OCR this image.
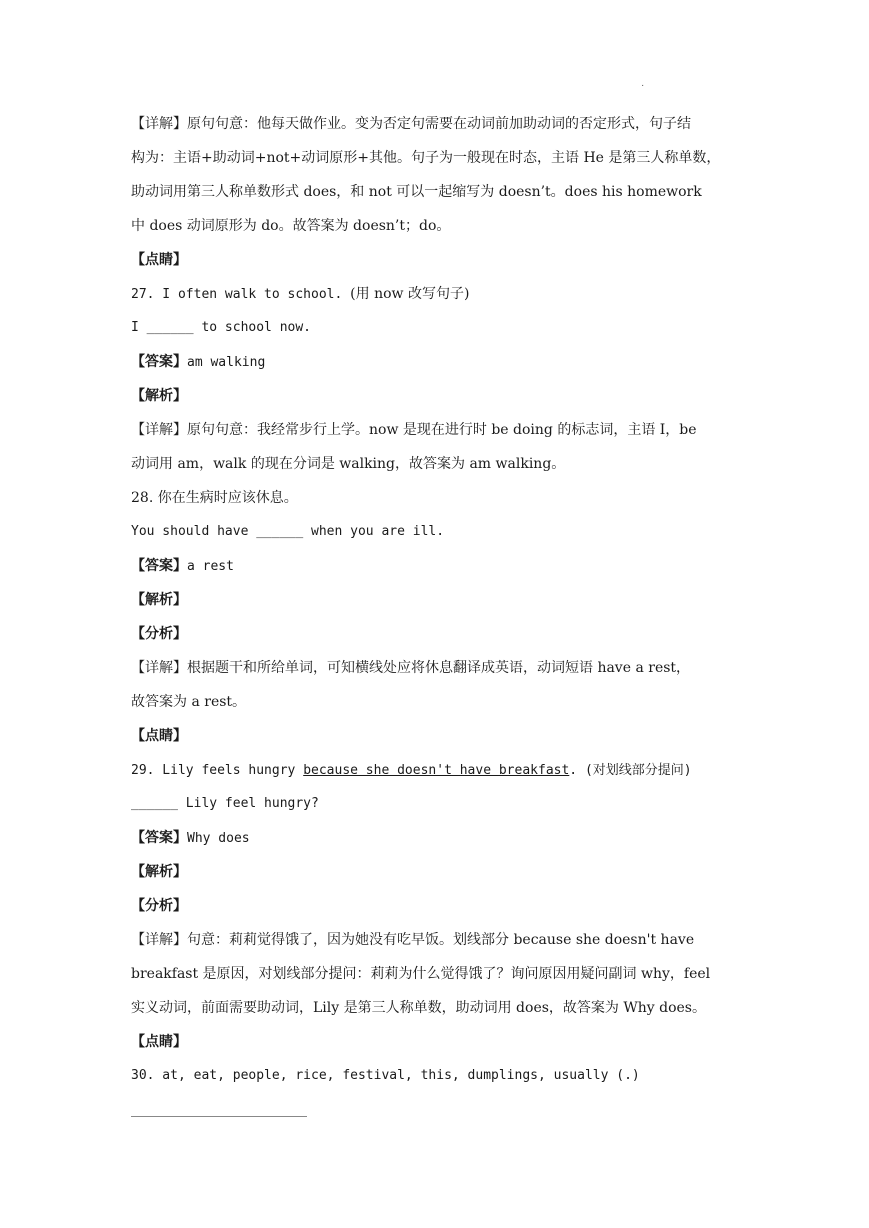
·
【详解】原句句意：他每天做作业。变为否定句需要在动词前加助动词的否定形式，句子结
构为：主语+助动词+not+动词原形+其他。句子为一般现在时态，主语 He 是第三人称单数，
助动词用第三人称单数形式 does，和 not 可以一起缩写为 doesn’t。does his homework
中 does 动词原形为 do。故答案为 doesn’t；do。
【点睛】
27. I often walk to school. (用 now 改写句子)
I ______ to school now.
【答案】am walking
【解析】
【详解】原句句意：我经常步行上学。now 是现在进行时 be doing 的标志词，主语 I，be
动词用 am，walk 的现在分词是 walking，故答案为 am walking。
28. 你在生病时应该休息。
You should have ______ when you are ill.
【答案】a rest
【解析】
【分析】
【详解】根据题干和所给单词，可知横线处应将休息翻译成英语，动词短语 have a rest，
故答案为 a rest。
【点睛】
29. Lily feels hungry because she doesn't have breakfast. (对划线部分提问)
______ Lily feel hungry?
【答案】Why does
【解析】
【分析】
【详解】句意：莉莉觉得饿了，因为她没有吃早饭。划线部分 because she doesn't have
breakfast 是原因，对划线部分提问：莉莉为什么觉得饿了？询问原因用疑问副词 why，feel
实义动词，前面需要助动词，Lily 是第三人称单数，助动词用 does，故答案为 Why does。
【点睛】
30. at, eat, people, rice, festival, this, dumplings, usually (.)
